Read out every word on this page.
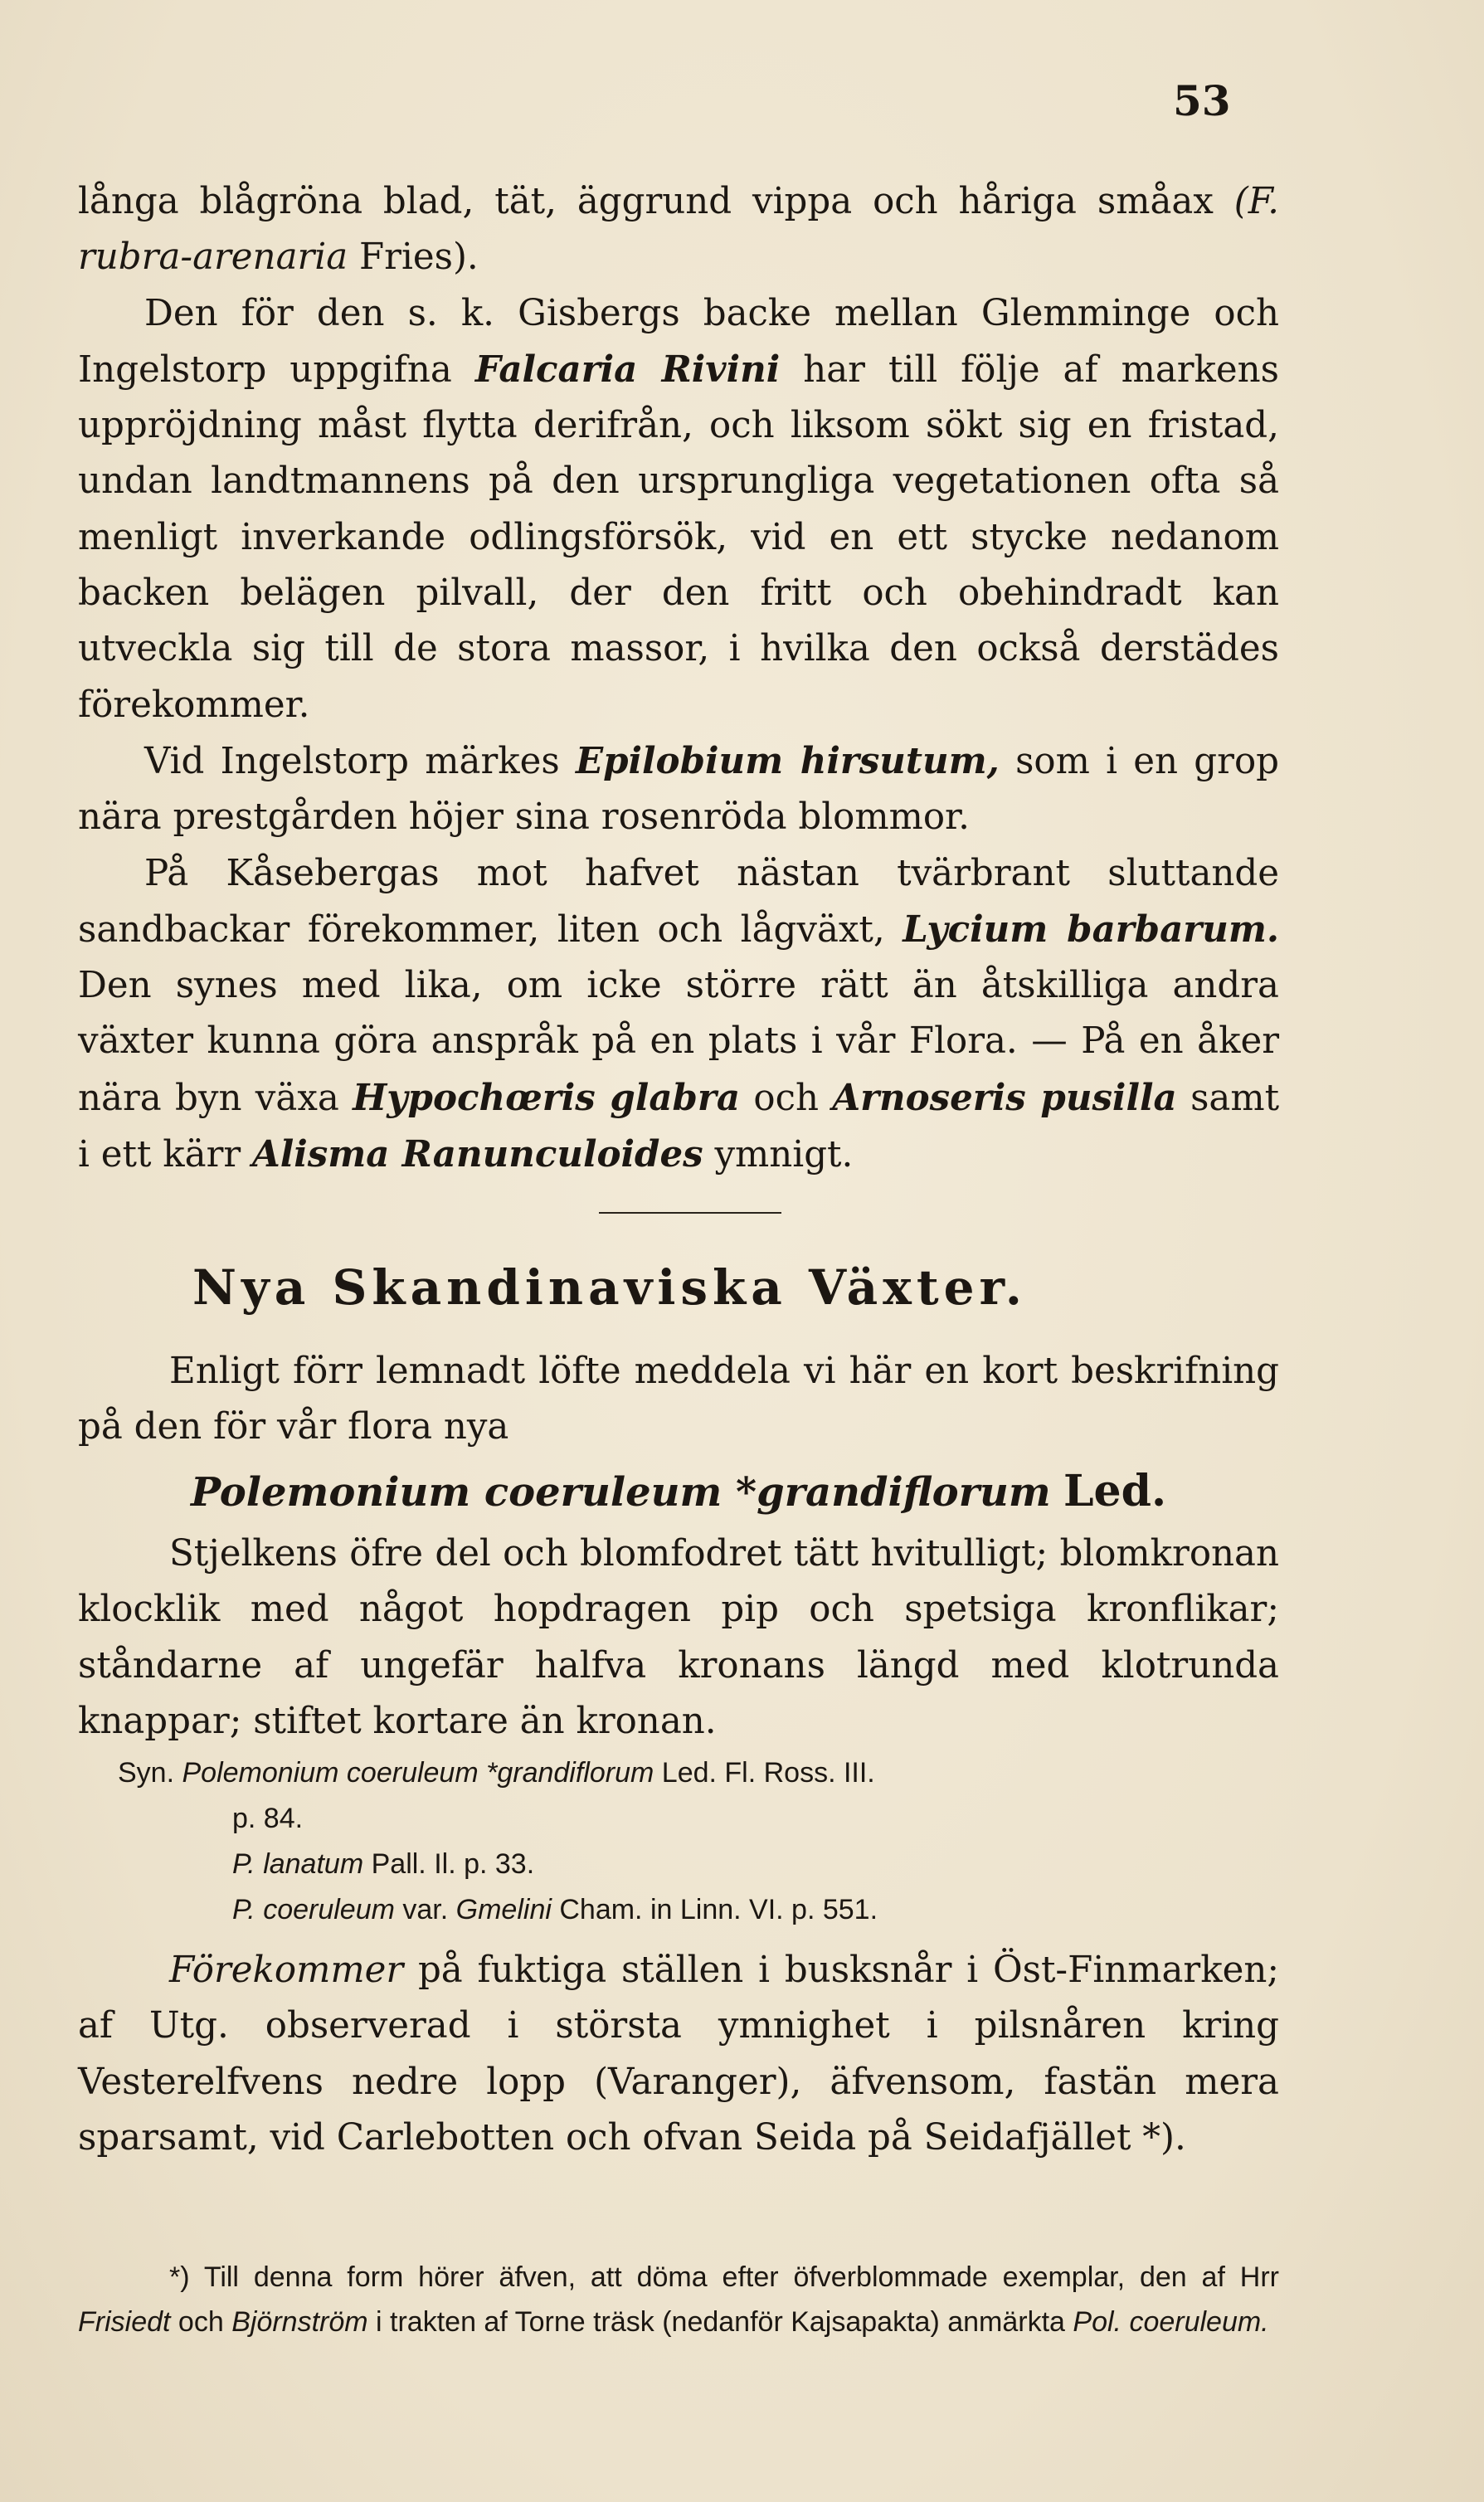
53

långa blågröna blad, tät, äggrund vippa och håriga småax (F. rubra-arenaria Fries).

Den för den s. k. Gisbergs backe mellan Glemminge och Ingelstorp uppgifna Falcaria Rivini har till följe af markens uppröjdning måst flytta derifrån, och liksom sökt sig en fristad, undan landtmannens på den ursprungliga vegetationen ofta så menligt inverkande odlingsförsök, vid en ett stycke nedanom backen belägen pilvall, der den fritt och obehindradt kan utveckla sig till de stora massor, i hvilka den också derstädes förekommer.

Vid Ingelstorp märkes Epilobium hirsutum, som i en grop nära prestgården höjer sina rosenröda blommor.

På Kåsebergas mot hafvet nästan tvärbrant sluttande sandbackar förekommer, liten och lågväxt, Lycium barbarum. Den synes med lika, om icke större rätt än åtskilliga andra växter kunna göra anspråk på en plats i vår Flora. — På en åker nära byn växa Hypochœris glabra och Arnoseris pusilla samt i ett kärr Alisma Ranunculoides ymnigt.

Nya Skandinaviska Växter.

Enligt förr lemnadt löfte meddela vi här en kort beskrifning på den för vår flora nya

Polemonium coeruleum *grandiflorum Led.

Stjelkens öfre del och blomfodret tätt hvitulligt; blomkronan klocklik med något hopdragen pip och spetsiga kronflikar; ståndarne af ungefär halfva kronans längd med klotrunda knappar; stiftet kortare än kronan.

Syn. Polemonium coeruleum *grandiflorum Led. Fl. Ross. III.
p. 84.
P. lanatum Pall. Il. p. 33.
P. coeruleum var. Gmelini Cham. in Linn. VI. p. 551.

Förekommer på fuktiga ställen i busksnår i Öst-Finmarken; af Utg. observerad i största ymnighet i pilsnåren kring Vesterelfvens nedre lopp (Varanger), äfvensom, fastän mera sparsamt, vid Carlebotten och ofvan Seida på Seidafjället *).

*) Till denna form hörer äfven, att döma efter öfverblommade exemplar, den af Hrr Frisiedt och Björnström i trakten af Torne träsk (nedanför Kajsapakta) anmärkta Pol. coeruleum.
